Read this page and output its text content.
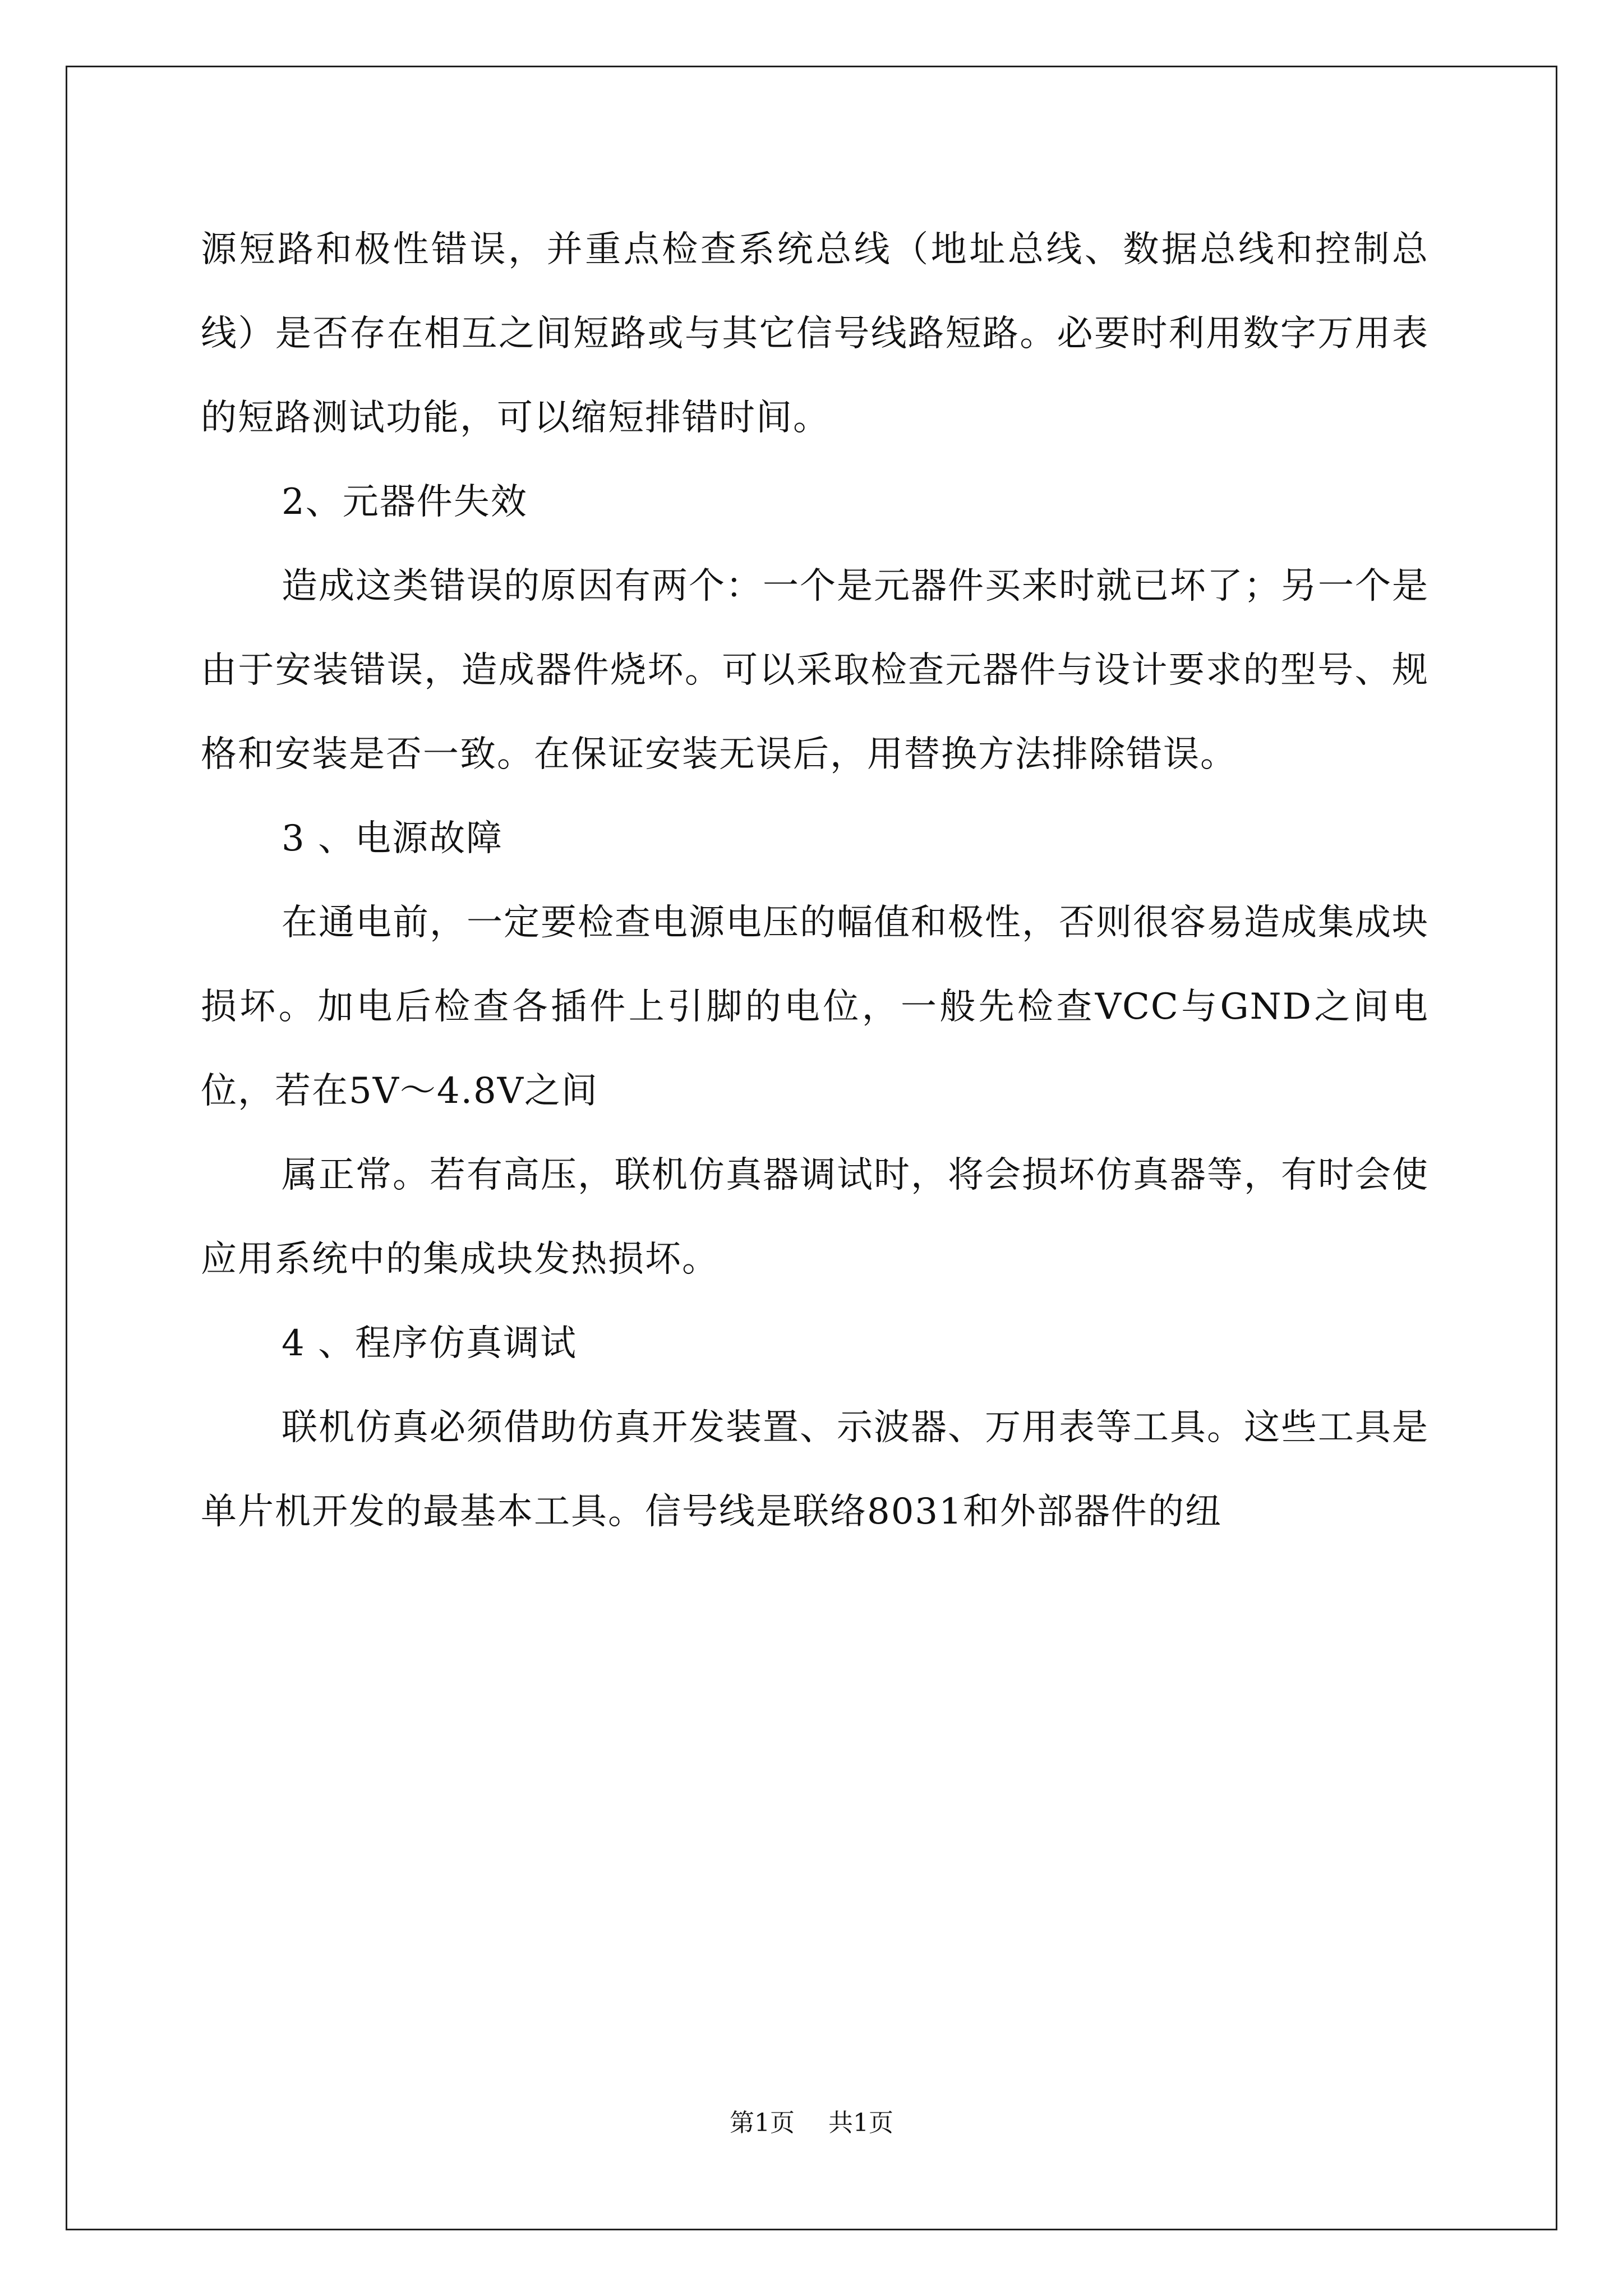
源短路和极性错误，并重点检查系统总线（地址总线、数据总线和控制总线）是否存在相互之间短路或与其它信号线路短路。必要时利用数字万用表的短路测试功能，可以缩短排错时间。

2、元器件失效

造成这类错误的原因有两个：一个是元器件买来时就已坏了；另一个是由于安装错误，造成器件烧坏。可以采取检查元器件与设计要求的型号、规格和安装是否一致。在保证安装无误后，用替换方法排除错误。

3 、电源故障

在通电前，一定要检查电源电压的幅值和极性，否则很容易造成集成块损坏。加电后检查各插件上引脚的电位，一般先检查VCC与GND之间电位，若在5V～4.8V之间

属正常。若有高压，联机仿真器调试时，将会损坏仿真器等，有时会使应用系统中的集成块发热损坏。

4 、程序仿真调试

联机仿真必须借助仿真开发装置、示波器、万用表等工具。这些工具是单片机开发的最基本工具。信号线是联络8031和外部器件的纽

第1页 共1页
